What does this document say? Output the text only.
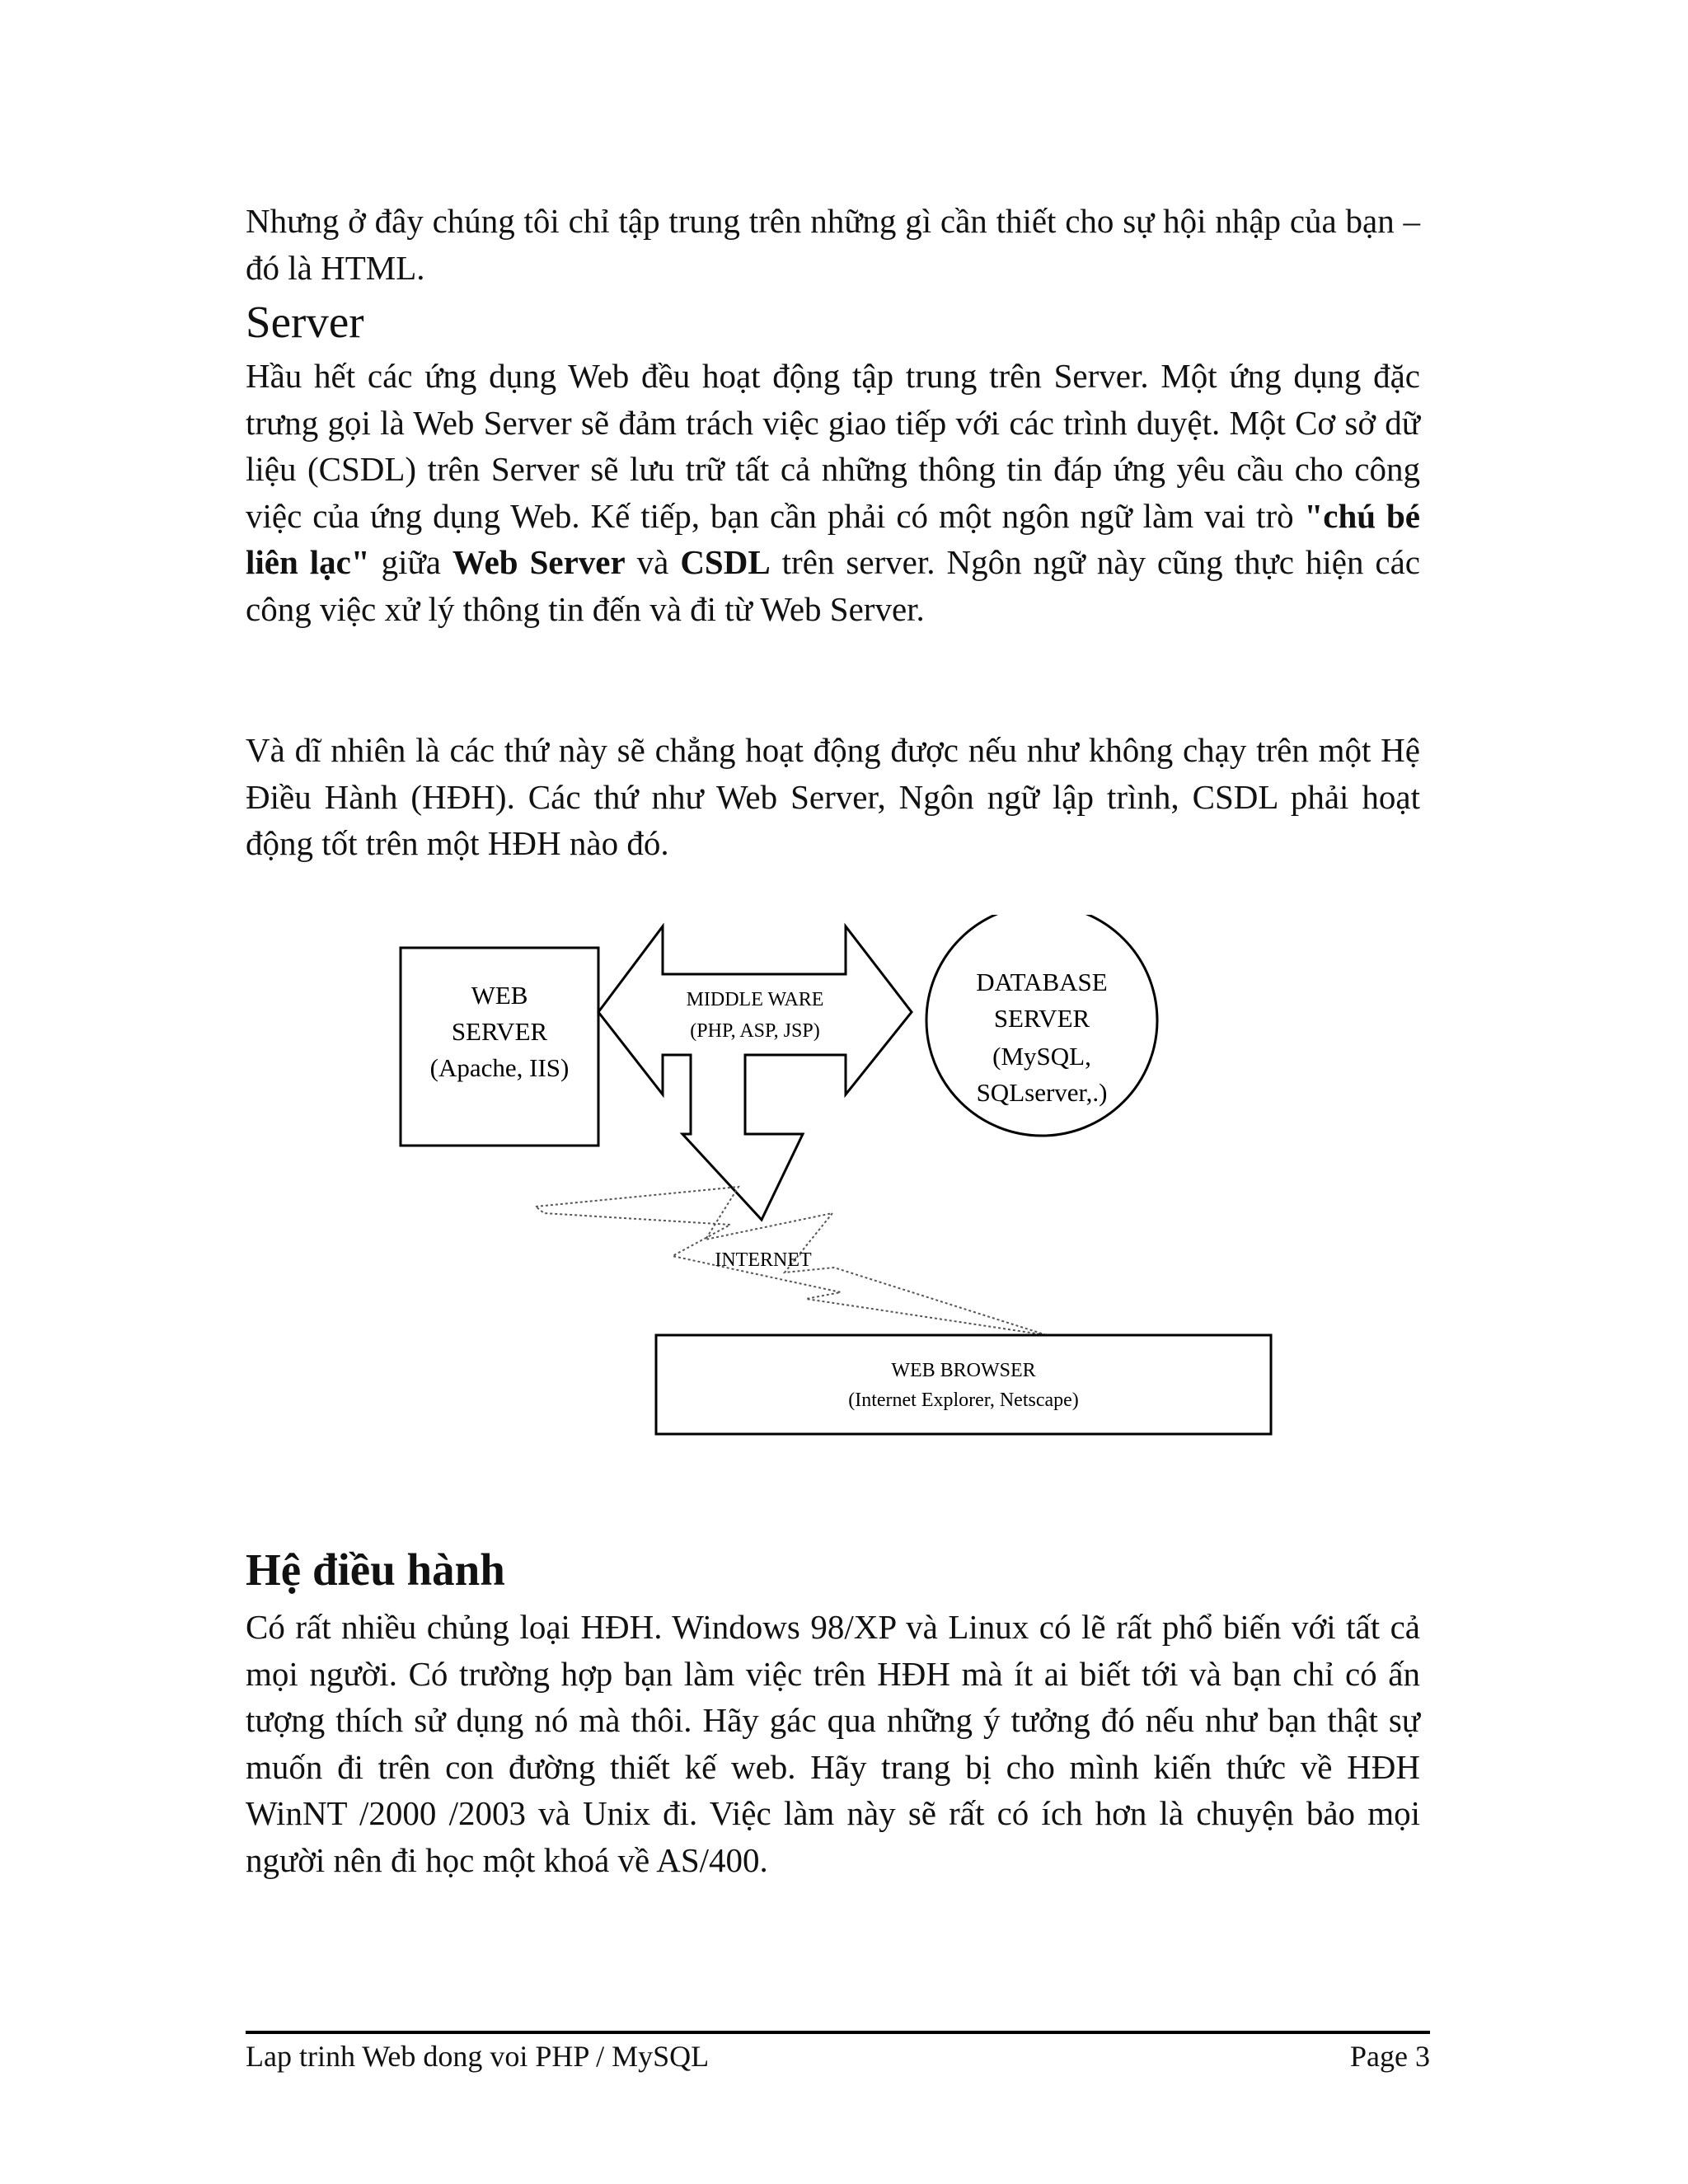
Nhưng ở đây chúng tôi chỉ tập trung trên những gì cần thiết cho sự hội nhập của bạn – đó là HTML.

Server

Hầu hết các ứng dụng Web đều hoạt động tập trung trên Server. Một ứng dụng đặc trưng gọi là Web Server sẽ đảm trách việc giao tiếp với các trình duyệt. Một Cơ sở dữ liệu (CSDL) trên Server sẽ lưu trữ tất cả những thông tin đáp ứng yêu cầu cho công việc của ứng dụng Web. Kế tiếp, bạn cần phải có một ngôn ngữ làm vai trò "chú bé liên lạc" giữa Web Server và CSDL trên server. Ngôn ngữ này cũng thực hiện các công việc xử lý thông tin đến và đi từ Web Server.

Và dĩ nhiên là các thứ này sẽ chẳng hoạt động được nếu như không chạy trên một Hệ Điều Hành (HĐH). Các thứ như Web Server, Ngôn ngữ lập trình, CSDL phải hoạt động tốt trên một HĐH nào đó.

Hệ điều hành

Có rất nhiều chủng loại HĐH. Windows 98/XP và Linux có lẽ rất phổ biến với tất cả mọi người. Có trường hợp bạn làm việc trên HĐH mà ít ai biết tới và bạn chỉ có ấn tượng thích sử dụng nó mà thôi. Hãy gác qua những ý tưởng đó nếu như bạn thật sự muốn đi trên con đường thiết kế web. Hãy trang bị cho mình kiến thức về HĐH WinNT /2000 /2003 và Unix đi. Việc làm này sẽ rất có ích hơn là chuyện bảo mọi người nên đi học một khoá về AS/400.

WEB
SERVER
(Apache, IIS)
MIDDLE WARE
(PHP, ASP, JSP)
DATABASE
SERVER
(MySQL,
SQLserver,.)
INTERNET
WEB BROWSER
(Internet Explorer, Netscape)
Lap trinh Web dong voi PHP / MySQL	Page 3
